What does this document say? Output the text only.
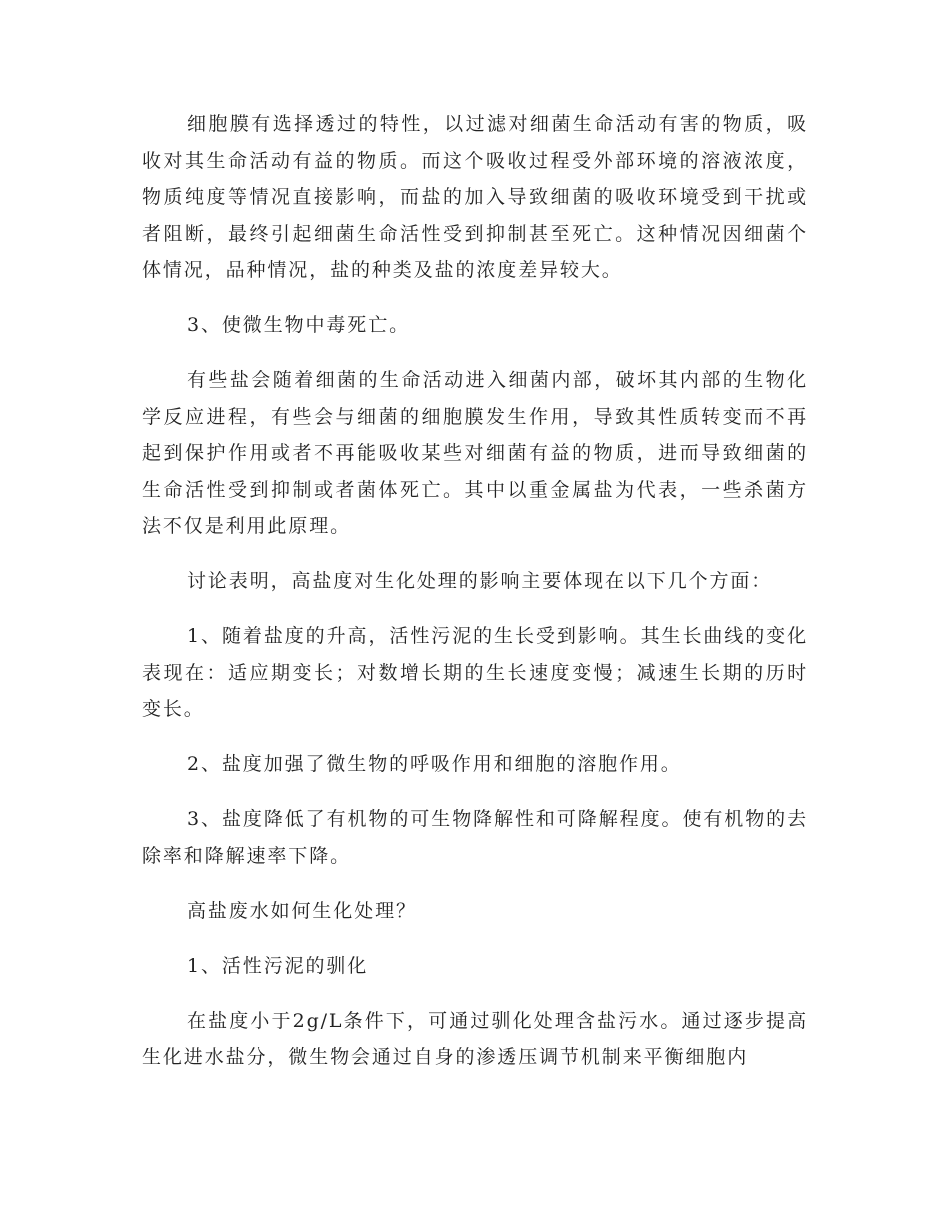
细胞膜有选择透过的特性，以过滤对细菌生命活动有害的物质，吸收对其生命活动有益的物质。而这个吸收过程受外部环境的溶液浓度，物质纯度等情况直接影响，而盐的加入导致细菌的吸收环境受到干扰或者阻断，最终引起细菌生命活性受到抑制甚至死亡。这种情况因细菌个体情况，品种情况，盐的种类及盐的浓度差异较大。

3、使微生物中毒死亡。

有些盐会随着细菌的生命活动进入细菌内部，破坏其内部的生物化学反应进程，有些会与细菌的细胞膜发生作用，导致其性质转变而不再起到保护作用或者不再能吸收某些对细菌有益的物质，进而导致细菌的生命活性受到抑制或者菌体死亡。其中以重金属盐为代表，一些杀菌方法不仅是利用此原理。

讨论表明，高盐度对生化处理的影响主要体现在以下几个方面：

1、随着盐度的升高，活性污泥的生长受到影响。其生长曲线的变化表现在：适应期变长；对数增长期的生长速度变慢；减速生长期的历时变长。

2、盐度加强了微生物的呼吸作用和细胞的溶胞作用。

3、盐度降低了有机物的可生物降解性和可降解程度。使有机物的去除率和降解速率下降。

高盐废水如何生化处理？

1、活性污泥的驯化

在盐度小于2g/L条件下，可通过驯化处理含盐污水。通过逐步提高生化进水盐分，微生物会通过自身的渗透压调节机制来平衡细胞内
